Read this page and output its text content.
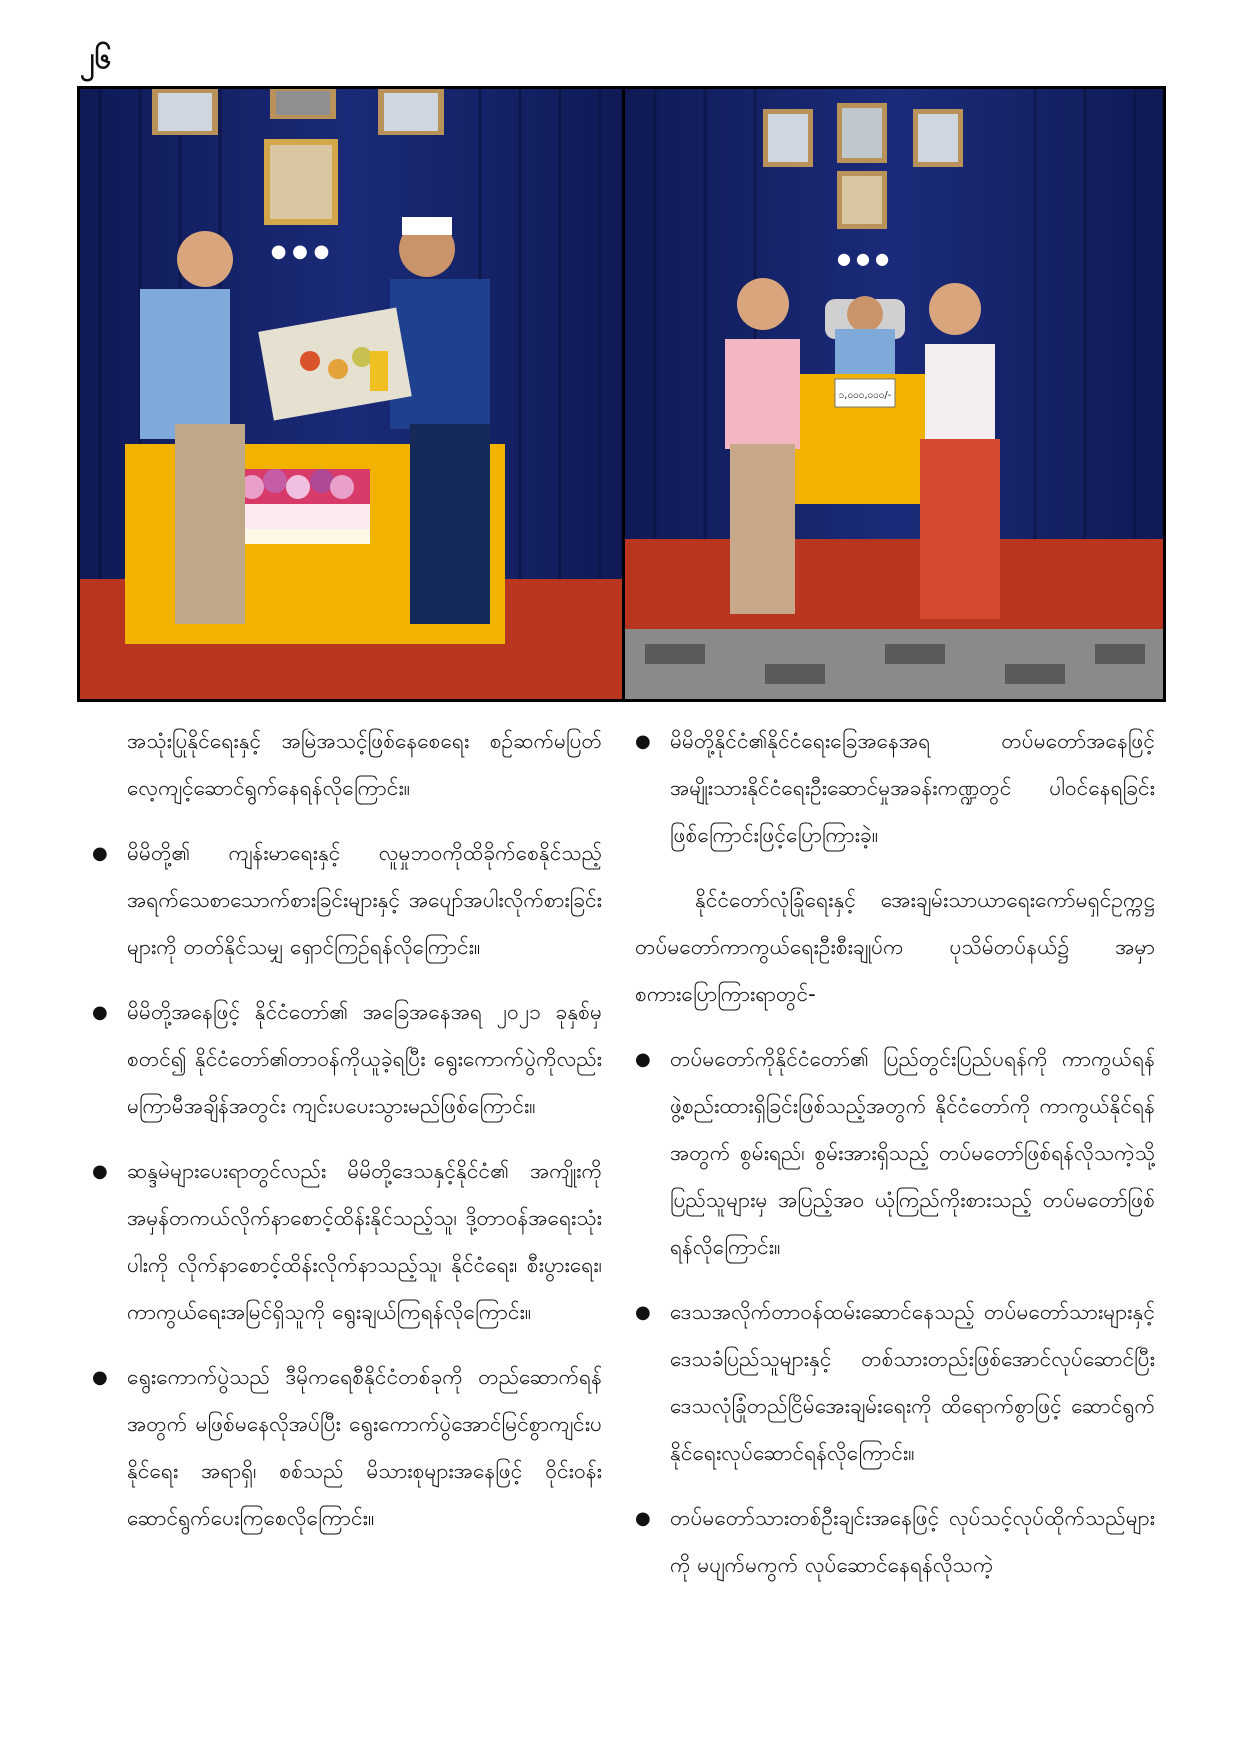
၂၆
● ● ●	● ● ●
၁,၀၀၀,၀၀၀/-

အသုံးပြုနိုင်ရေးနှင့် အမြဲအသင့်ဖြစ်နေစေရေး စဉ်ဆက်မပြတ် လေ့ကျင့်ဆောင်ရွက်နေရန်လိုကြောင်း။

● မိမိတို့၏ ကျန်းမာရေးနှင့် လူမှုဘဝကိုထိခိုက်စေနိုင်သည့် အရက်သေစာသောက်စားခြင်းများနှင့် အပျော်အပါးလိုက်စားခြင်းများကို တတ်နိုင်သမျှ ရှောင်ကြဉ်ရန်လိုကြောင်း။
● မိမိတို့အနေဖြင့် နိုင်ငံတော်၏ အခြေအနေအရ ၂၀၂၁ ခုနှစ်မှစတင်၍ နိုင်ငံတော်၏တာဝန်ကိုယူခဲ့ရပြီး ရွေးကောက်ပွဲကိုလည်း မကြာမီအချိန်အတွင်း ကျင်းပပေးသွားမည်ဖြစ်ကြောင်း။
● ဆန္ဒမဲများပေးရာတွင်လည်း မိမိတို့ဒေသနှင့်နိုင်ငံ၏ အကျိုးကို အမှန်တကယ်လိုက်နာစောင့်ထိန်းနိုင်သည့်သူ၊ ဒို့တာဝန်အရေးသုံးပါးကို လိုက်နာစောင့်ထိန်းလိုက်နာသည့်သူ၊ နိုင်ငံရေး၊ စီးပွားရေး၊ ကာကွယ်ရေးအမြင်ရှိသူကို ရွေးချယ်ကြရန်လိုကြောင်း။
● ရွေးကောက်ပွဲသည် ဒီမိုကရေစီနိုင်ငံတစ်ခုကို တည်ဆောက်ရန်အတွက် မဖြစ်မနေလိုအပ်ပြီး ရွေးကောက်ပွဲအောင်မြင်စွာကျင်းပနိုင်ရေး အရာရှိ၊ စစ်သည် မိသားစုများအနေဖြင့် ဝိုင်းဝန်းဆောင်ရွက်ပေးကြစေလိုကြောင်း။
● မိမိတို့နိုင်ငံ၏နိုင်ငံရေးခြေအနေအရ တပ်မတော်အနေဖြင့် အမျိုးသားနိုင်ငံရေးဦးဆောင်မှုအခန်းကဏ္ဍတွင် ပါဝင်နေရခြင်းဖြစ်ကြောင်းဖြင့်ပြောကြားခဲ့။

နိုင်ငံတော်လုံခြုံရေးနှင့် အေးချမ်းသာယာရေးကော်မရှင်ဥက္ကဋ္ဌ တပ်မတော်ကာကွယ်ရေးဦးစီးချုပ်က ပုသိမ်တပ်နယ်၌ အမှာစကားပြောကြားရာတွင်-

● တပ်မတော်ကိုနိုင်ငံတော်၏ ပြည်တွင်းပြည်ပရန်ကို ကာကွယ်ရန်ဖွဲ့စည်းထားရှိခြင်းဖြစ်သည့်အတွက် နိုင်ငံတော်ကို ကာကွယ်နိုင်ရန်အတွက် စွမ်းရည်၊ စွမ်းအားရှိသည့် တပ်မတော်ဖြစ်ရန်လိုသကဲ့သို့ ပြည်သူများမှ အပြည့်အဝ ယုံကြည်ကိုးစားသည့် တပ်မတော်ဖြစ်ရန်လိုကြောင်း။
● ဒေသအလိုက်တာဝန်ထမ်းဆောင်နေသည့် တပ်မတော်သားများနှင့် ဒေသခံပြည်သူများနှင့် တစ်သားတည်းဖြစ်အောင်လုပ်ဆောင်ပြီး ဒေသလုံခြုံတည်ငြိမ်အေးချမ်းရေးကို ထိရောက်စွာဖြင့် ဆောင်ရွက်နိုင်ရေးလုပ်ဆောင်ရန်လိုကြောင်း။
● တပ်မတော်သားတစ်ဦးချင်းအနေဖြင့် လုပ်သင့်လုပ်ထိုက်သည်များကို မပျက်မကွက် လုပ်ဆောင်နေရန်လိုသကဲ့
